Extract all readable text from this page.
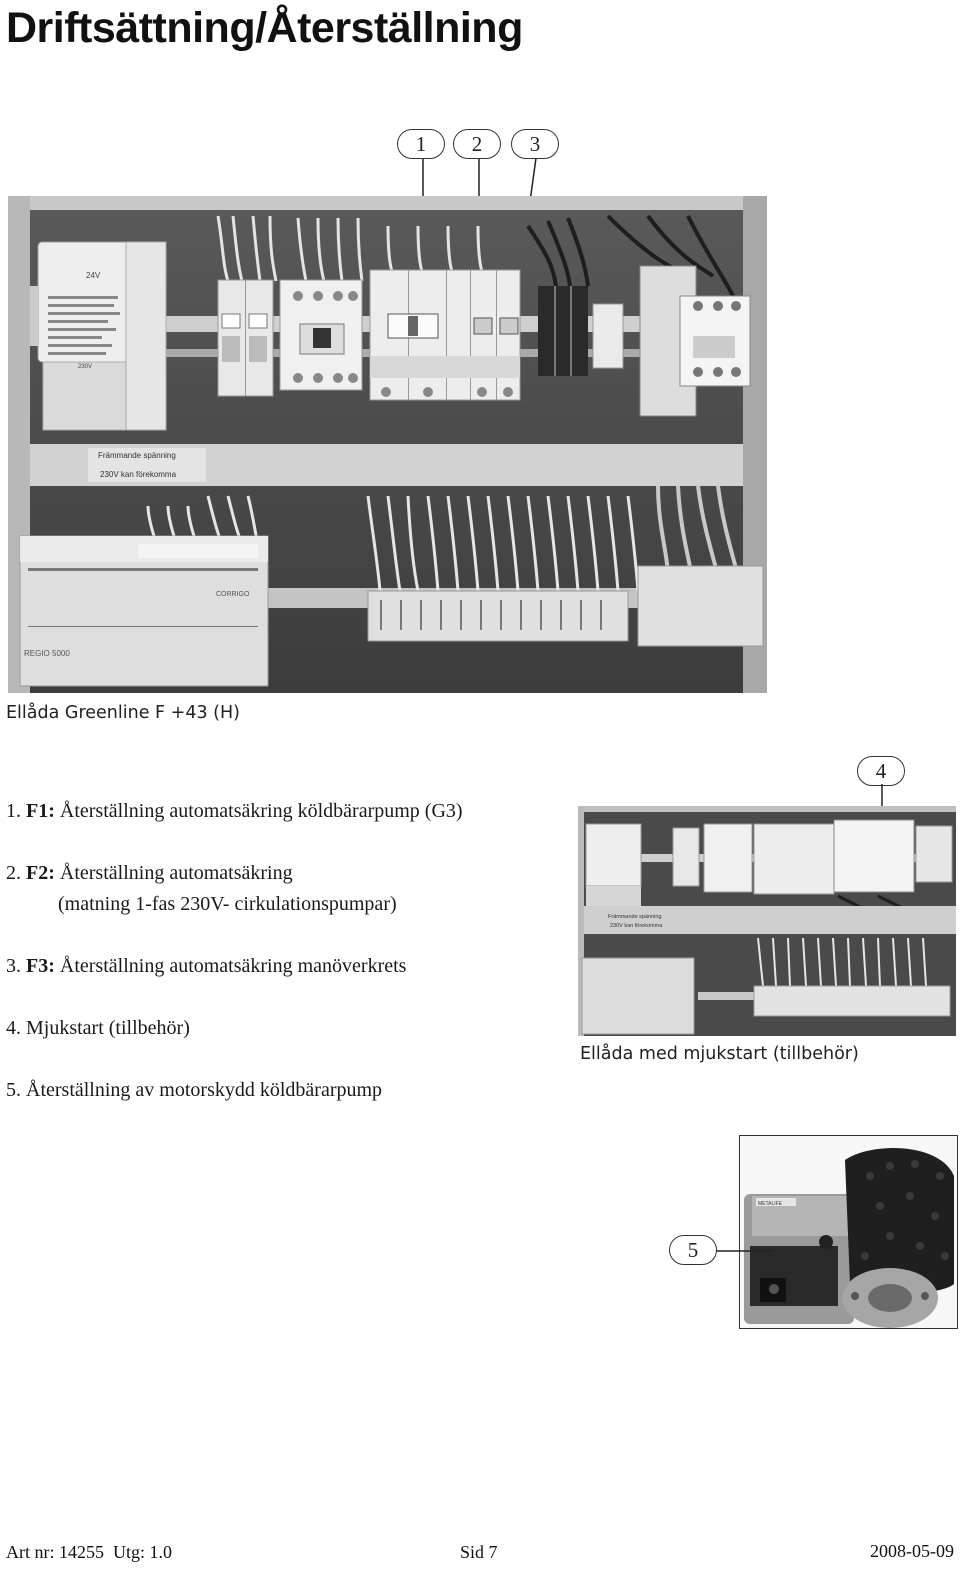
Driftsättning/Återställning
1	2	3
24V
230V
Främmande spänning
230V kan förekomma
CORRIGO
REGIO 5000
Ellåda Greenline F +43 (H)
4
1. F1: Återställning automatsäkring köldbärarpump (G3)
2. F2: Återställning automatsäkring
(matning 1-fas 230V- cirkulationspumpar)
3. F3: Återställning automatsäkring manöverkrets
4. Mjukstart (tillbehör)
5. Återställning av motorskydd köldbärarpump
Främmande spänning
230V kan förekomma
Ellåda med mjukstart (tillbehör)
METALIFE
5
Art nr: 14255 Utg: 1.0	Sid 7	2008-05-09
